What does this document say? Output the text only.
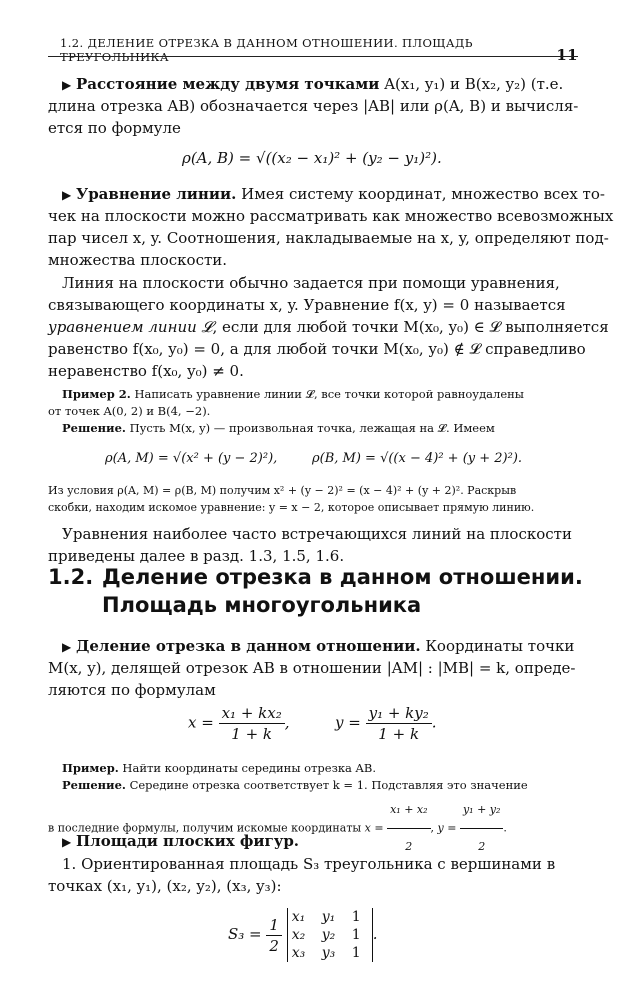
1.2. ДЕЛЕНИЕ ОТРЕЗКА В ДАННОМ ОТНОШЕНИИ. ПЛОЩАДЬ ТРЕУГОЛЬНИКА	11
▶ Расстояние между двумя точками A(x₁, y₁) и B(x₂, y₂) (т.е.
длина отрезка AB) обозначается через |AB| или ρ(A, B) и вычисля-
ется по формуле
ρ(A, B) = √((x₂ − x₁)² + (y₂ − y₁)²).
▶ Уравнение линии. Имея систему координат, множество всех то-
чек на плоскости можно рассматривать как множество всевозможных
пар чисел x, y. Соотношения, накладываемые на x, y, определяют под-
множества плоскости.
Линия на плоскости обычно задается при помощи уравнения,
связывающего координаты x, y. Уравнение f(x, y) = 0 называется
уравнением линии 𝓛, если для любой точки M(x₀, y₀) ∈ 𝓛 выполняется
равенство f(x₀, y₀) = 0, а для любой точки M(x₀, y₀) ∉ 𝓛 справедливо
неравенство f(x₀, y₀) ≠ 0.
Пример 2. Написать уравнение линии 𝓛, все точки которой равноудалены
от точек A(0, 2) и B(4, −2).
Решение. Пусть M(x, y) — произвольная точка, лежащая на 𝓛. Имеем
ρ(A, M) = √(x² + (y − 2)²),	ρ(B, M) = √((x − 4)² + (y + 2)²).
Из условия ρ(A, M) = ρ(B, M) получим x² + (y − 2)² = (x − 4)² + (y + 2)². Раскрыв
скобки, находим искомое уравнение: y = x − 2, которое описывает прямую линию.
Уравнения наиболее часто встречающихся линий на плоскости
приведены далее в разд. 1.3, 1.5, 1.6.
1.2. Деление отрезка в данном отношении.
Площадь многоугольника
▶ Деление отрезка в данном отношении. Координаты точки
M(x, y), делящей отрезок AB в отношении |AM| : |MB| = k, опреде-
ляются по формулам
$x = \frac{\text{x₁ + kx₂}}{1 + k}$ ,	$y = \frac{\text{y₁ + ky₂}}{1 + k}$ .
Пример. Найти координаты середины отрезка AB.
Решение. Середине отрезка соответствует k = 1. Подставляя это значение
в последние формулы, получим искомые координаты $x = \frac{\text{x₁ + x₂}}{2}$ , $y = \frac{\text{y₁ + y₂}}{2}$ .
▶ Площади плоских фигур.
1. Ориентированная площадь S₃ треугольника с вершинами в
точках (x₁, y₁), (x₂, y₂), (x₃, y₃):
$S_3 = \frac{1}{2}$
x₁	y₁	1
x₂	y₂	1
x₃	y₃	1
.
